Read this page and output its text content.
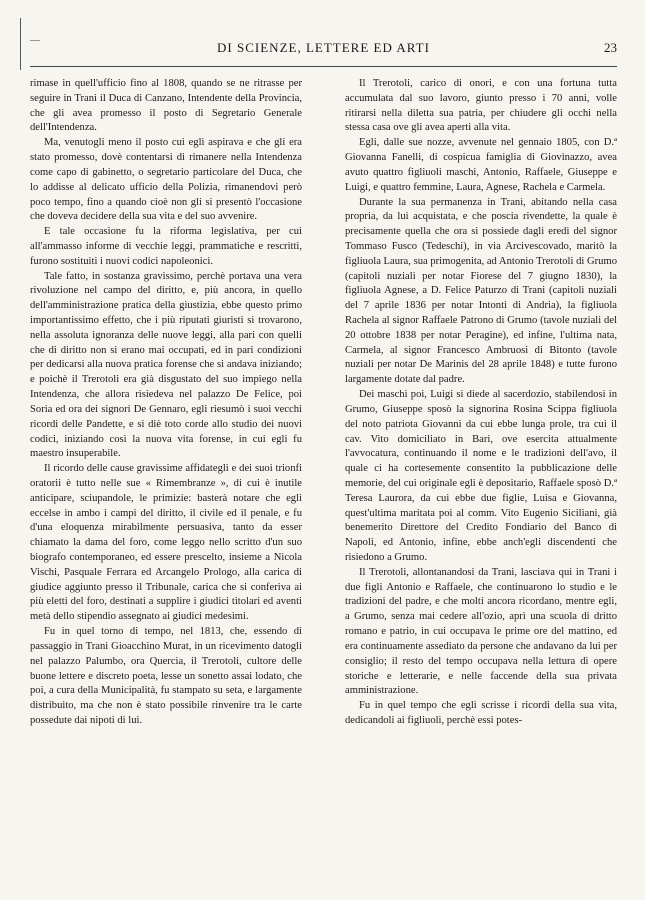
DI SCIENZE, LETTERE ED ARTI	23

rimase in quell'ufficio fino al 1808, quando se ne ritrasse per seguire in Trani il Duca di Canzano, Intendente della Provincia, che gli avea promesso il posto di Segretario Generale dell'Intendenza.

Ma, venutogli meno il posto cui egli aspirava e che gli era stato promesso, dovè contentarsi di rimanere nella Intendenza come capo di gabinetto, o segretario particolare del Duca, che lo addisse al delicato ufficio della Polizia, rimanendovi però poco tempo, fino a quando cioè non gli si presentò l'occasione che doveva decidere della sua vita e del suo avvenire.

E tale occasione fu la riforma legislativa, per cui all'ammasso informe di vecchie leggi, prammatiche e rescritti, furono sostituiti i nuovi codici napoleonici.

Tale fatto, in sostanza gravissimo, perchè portava una vera rivoluzione nel campo del diritto, e, più ancora, in quello dell'amministrazione pratica della giustizia, ebbe questo primo importantissimo effetto, che i più riputati giuristi si trovarono, nella assoluta ignoranza delle nuove leggi, alla pari con quelli che di diritto non si erano mai occupati, ed in pari condizioni per dedicarsi alla nuova pratica forense che si andava iniziando; e poichè il Trerotoli era già disgustato del suo impiego nella Intendenza, che allora risiedeva nel palazzo De Felice, poi Soria ed ora dei signori De Gennaro, egli riesumò i suoi vecchi ricordi delle Pandette, e si diè toto corde allo studio dei nuovi codici, iniziando così la nuova vita forense, in cui egli fu maestro insuperabile.

Il ricordo delle cause gravissime affidategli e dei suoi trionfi oratorii è tutto nelle sue « Rimembranze », di cui è inutile anticipare, sciupandole, le primizie: basterà notare che egli eccelse in ambo i campi del diritto, il civile ed il penale, e fu d'una eloquenza mirabilmente persuasiva, tanto da esser chiamato la dama del foro, come leggo nello scritto d'un suo biografo contemporaneo, ed essere prescelto, insieme a Nicola Vischi, Pasquale Ferrara ed Arcangelo Prologo, alla carica di giudice aggiunto presso il Tribunale, carica che si conferiva ai più eletti del foro, destinati a supplire i giudici titolari ed aventi metà dello stipendio assegnato ai giudici medesimi.

Fu in quel torno di tempo, nel 1813, che, essendo di passaggio in Trani Gioacchino Murat, in un ricevimento datogli nel palazzo Palumbo, ora Quercia, il Trerotoli, cultore delle buone lettere e discreto poeta, lesse un sonetto assai lodato, che poi, a cura della Municipalità, fu stampato su seta, e largamente distribuito, ma che non è stato possibile rinvenire tra le carte possedute dai nipoti di lui.

Il Trerotoli, carico di onori, e con una fortuna tutta accumulata dal suo lavoro, giunto presso i 70 anni, volle ritirarsi nella diletta sua patria, per chiudere gli occhi nella stessa casa ove gli avea aperti alla vita.

Egli, dalle sue nozze, avvenute nel gennaio 1805, con D.ª Giovanna Fanelli, di cospicua famiglia di Giovinazzo, avea avuto quattro figliuoli maschi, Antonio, Raffaele, Giuseppe e Luigi, e quattro femmine, Laura, Agnese, Rachela e Carmela.

Durante la sua permanenza in Trani, abitando nella casa propria, da lui acquistata, e che poscia rivendette, la quale è precisamente quella che ora si possiede dagli eredi del signor Tommaso Fusco (Tedeschi), in via Arcivescovado, maritò la figliuola Laura, sua primogenita, ad Antonio Trerotoli di Grumo (capitoli nuziali per notar Fiorese del 7 giugno 1830), la figliuola Agnese, a D. Felice Paturzo di Trani (capitoli nuziali del 7 aprile 1836 per notar Intonti di Andria), la figliuola Rachela al signor Raffaele Patrono di Grumo (tavole nuziali del 20 ottobre 1838 per notar Peragine), ed infine, l'ultima nata, Carmela, al signor Francesco Ambruosi di Bitonto (tavole nuziali per notar De Marinis del 28 aprile 1848) e tutte furono largamente dotate dal padre.

Dei maschi poi, Luigi si diede al sacerdozio, stabilendosi in Grumo, Giuseppe sposò la signorina Rosina Scippa figliuola del noto patriota Giovanni da cui ebbe lunga prole, tra cui il cav. Vito domiciliato in Bari, ove esercita attualmente l'avvocatura, continuando il nome e le tradizioni dell'avo, il quale ci ha cortesemente consentito la pubblicazione delle memorie, del cui originale egli è depositario, Raffaele sposò D.ª Teresa Laurora, da cui ebbe due figlie, Luisa e Giovanna, quest'ultima maritata poi al comm. Vito Eugenio Siciliani, già benemerito Direttore del Credito Fondiario del Banco di Napoli, ed Antonio, infine, ebbe anch'egli discendenti che risiedono a Grumo.

Il Trerotoli, allontanandosi da Trani, lasciava qui in Trani i due figli Antonio e Raffaele, che continuarono lo studio e le tradizioni del padre, e che molti ancora ricordano, mentre egli, a Grumo, senza mai cedere all'ozio, aprì una scuola di dritto romano e patrio, in cui occupava le prime ore del mattino, ed era continuamente assediato da persone che andavano da lui per consiglio; il resto del tempo occupava nella lettura di opere storiche e letterarie, e nelle faccende della sua privata amministrazione.

Fu in quel tempo che egli scrisse i ricordi della sua vita, dedicandoli ai figliuoli, perchè essi potes-
